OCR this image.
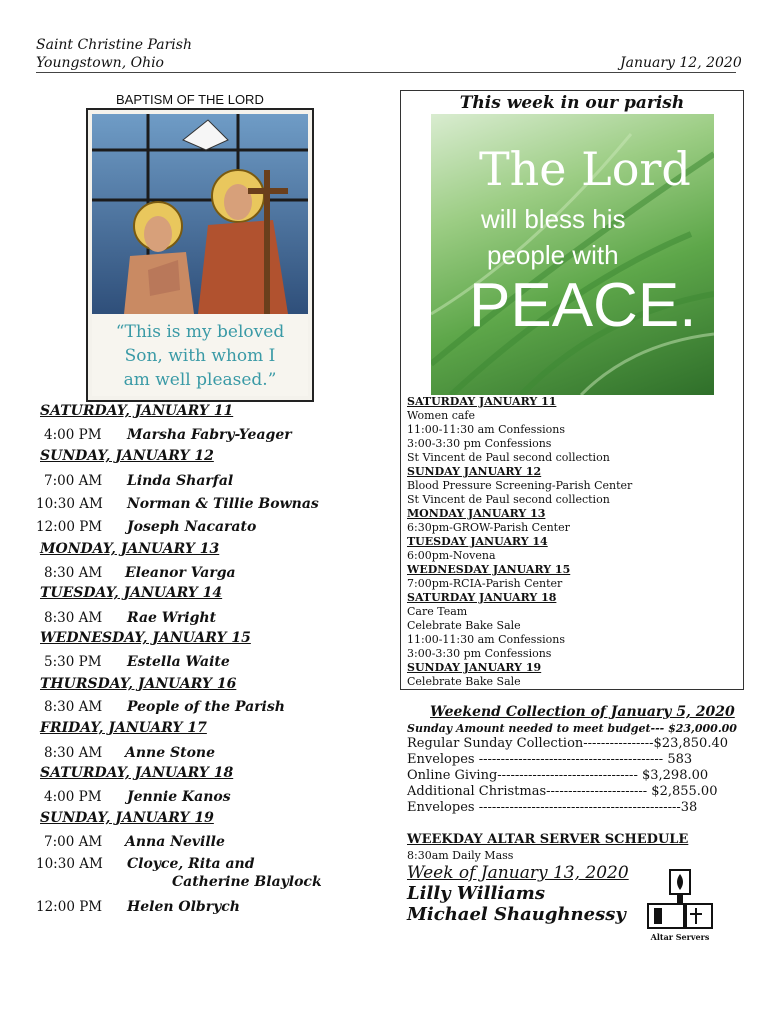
Saint Christine Parish
Youngstown, Ohio	January 12, 2020
BAPTISM OF THE LORD
“This is my beloved
Son, with whom I
am well pleased.”
SATURDAY, JANUARY 11
4:00 PM Marsha Fabry-Yeager
SUNDAY, JANUARY 12
7:00 AM Linda Sharfal
10:30 AM Norman & Tillie Bownas
12:00 PM Joseph Nacarato
MONDAY, JANUARY 13
8:30 AM Eleanor Varga
TUESDAY, JANUARY 14
8:30 AM Rae Wright
WEDNESDAY, JANUARY 15
5:30 PM Estella Waite
THURSDAY, JANUARY 16
8:30 AM People of the Parish
FRIDAY, JANUARY 17
8:30 AM Anne Stone
SATURDAY, JANUARY 18
4:00 PM Jennie Kanos
SUNDAY, JANUARY 19
7:00 AM Anna Neville
10:30 AM Cloyce, Rita and
Catherine Blaylock
12:00 PM Helen Olbrych
This week in our parish
The Lord
will bless his
people with
PEACE.
SATURDAY JANUARY 11
Women cafe
11:00-11:30 am Confessions
3:00-3:30 pm Confessions
St Vincent de Paul second collection
SUNDAY JANUARY 12
Blood Pressure Screening-Parish Center
St Vincent de Paul second collection
MONDAY JANUARY 13
6:30pm-GROW-Parish Center
TUESDAY JANUARY 14
6:00pm-Novena
WEDNESDAY JANUARY 15
7:00pm-RCIA-Parish Center
SATURDAY JANUARY 18
Care Team
Celebrate Bake Sale
11:00-11:30 am Confessions
3:00-3:30 pm Confessions
SUNDAY JANUARY 19
Celebrate Bake Sale
Weekend Collection of January 5, 2020
Sunday Amount needed to meet budget--- $23,000.00
Regular Sunday Collection----------------$23,850.40
Envelopes ------------------------------------------ 583
Online Giving-------------------------------- $3,298.00
Additional Christmas----------------------- $2,855.00
Envelopes ----------------------------------------------38
WEEKDAY ALTAR SERVER SCHEDULE
8:30am Daily Mass
Week of January 13, 2020
Lilly Williams
Michael Shaughnessy
Altar Servers
